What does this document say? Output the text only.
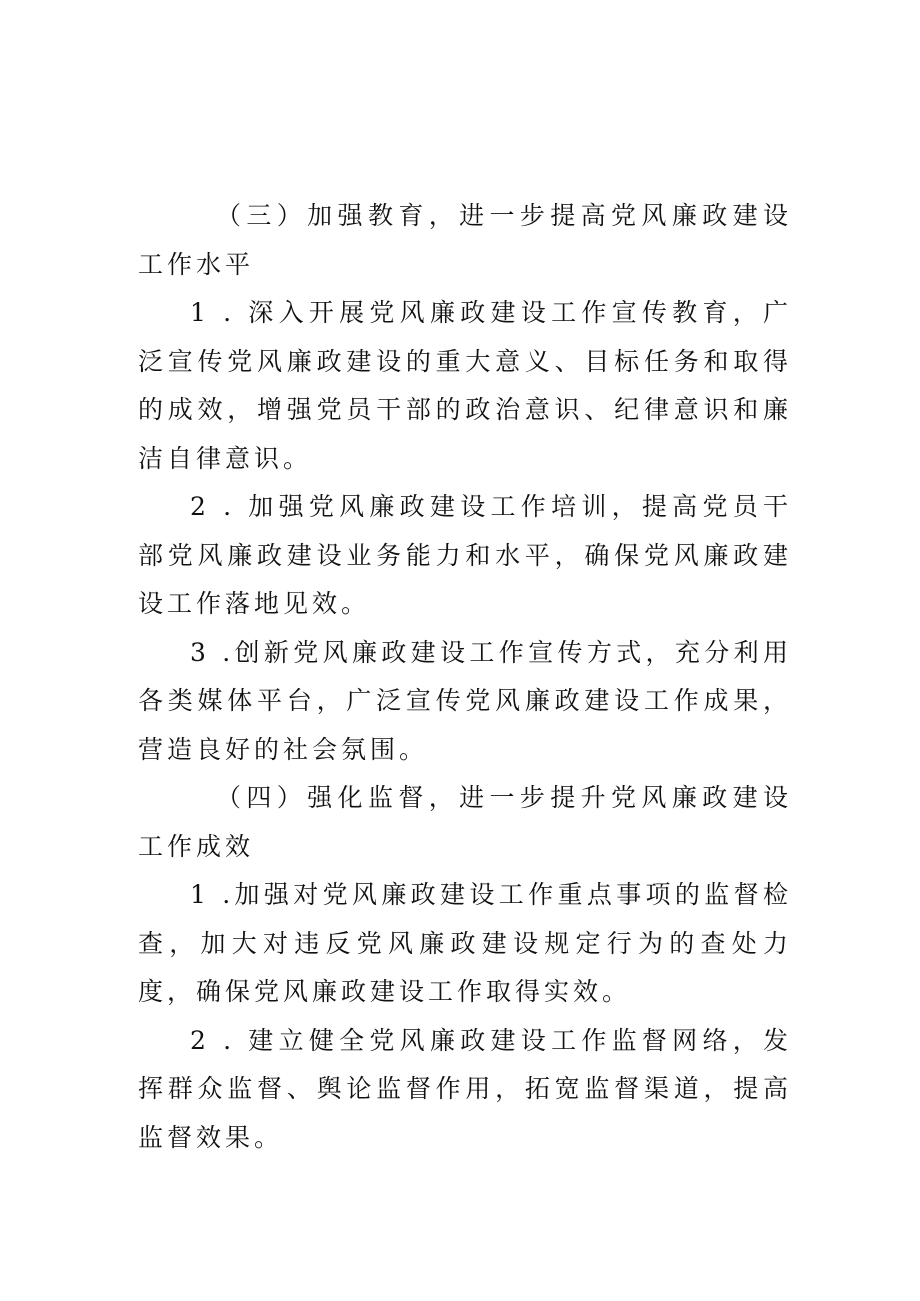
（三）加强教育，进一步提高党风廉政建设工作水平

1 . 深入开展党风廉政建设工作宣传教育，广泛宣传党风廉政建设的重大意义、目标任务和取得的成效，增强党员干部的政治意识、纪律意识和廉洁自律意识。

2 . 加强党风廉政建设工作培训，提高党员干部党风廉政建设业务能力和水平，确保党风廉政建设工作落地见效。

3 .创新党风廉政建设工作宣传方式，充分利用各类媒体平台，广泛宣传党风廉政建设工作成果，营造良好的社会氛围。

（四）强化监督，进一步提升党风廉政建设工作成效

1 .加强对党风廉政建设工作重点事项的监督检查，加大对违反党风廉政建设规定行为的查处力度，确保党风廉政建设工作取得实效。

2 . 建立健全党风廉政建设工作监督网络，发挥群众监督、舆论监督作用，拓宽监督渠道，提高监督效果。
